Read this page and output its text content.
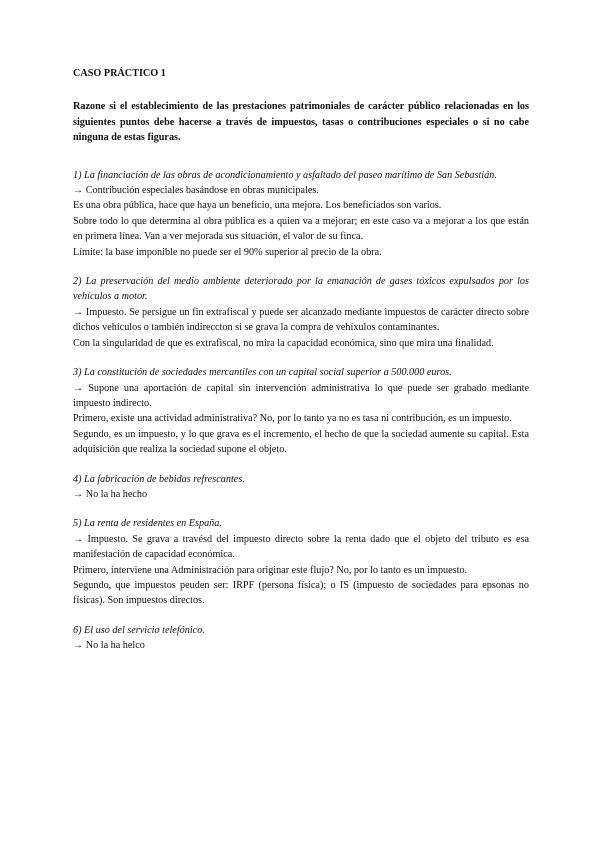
CASO PRÁCTICO 1
Razone si el establecimiento de las prestaciones patrimoniales de carácter público relacionadas en los siguientes puntos debe hacerse a través de impuestos, tasas o contribuciones especiales o si no cabe ninguna de estas figuras.
1) La financiación de las obras de acondicionamiento y asfaltado del paseo marítimo de San Sebastián.
→ Contribución especiales basándose en obras municipales.
Es una obra pública, hace que haya un beneficio, una mejora. Los beneficiados son varios.
Sobre todo lo que determina al obra pública es a quien va a mejorar; en este caso va a mejorar a los que están en primera línea. Van a ver mejorada sus situación, el valor de su finca.
Límite: la base imponible no puede ser el 90% superior al precio de la obra.
2) La preservación del medio ambiente deteriorado por la emanación de gases tóxicos expulsados por los vehículos a motor.
→ Impuesto. Se persigue un fin extrafiscal y puede ser alcanzado mediante impuestos de carácter directo sobre dichos vehículos o también indireccton si se grava la compra de vehíxulos contaminantes.
Con la singularidad de que es extrafiscal, no mira la capacidad económica, sino que mira una finalidad.
3) La constitución de sociedades mercantiles con un capital social superior a 500.000 euros.
→ Supone una aportación de capital sin intervención administrativa lo que puede ser grabado mediante impuesto indirecto.
Primero, existe una actividad administrativa? No, por lo tanto ya no es tasa ni contribución, es un impuesto.
Segundo, es un impuesto, y lo que grava es el incremento, el hecho de que la sociedad aumente su capital. Esta adquisición que realiza la sociedad supone el objeto.
4) La fabricación de bebidas refrescantes.
→ No la ha hecho
5) La renta de residentes en España.
→ Impuesto. Se grava a travésd del impuesto directo sobre la renta dado que el objeto del tributo es esa manifestación de capacidad económica.
Primero, interviene una Administración para originar este flujo? No, por lo tanto es un impuesto.
Segundo, que impuestos peuden ser: IRPF (persona física); o IS (impuesto de sociedades para epsonas no físicas). Son impuestos directos.
6) El uso del servicio telefónico.
→ No la ha helco
